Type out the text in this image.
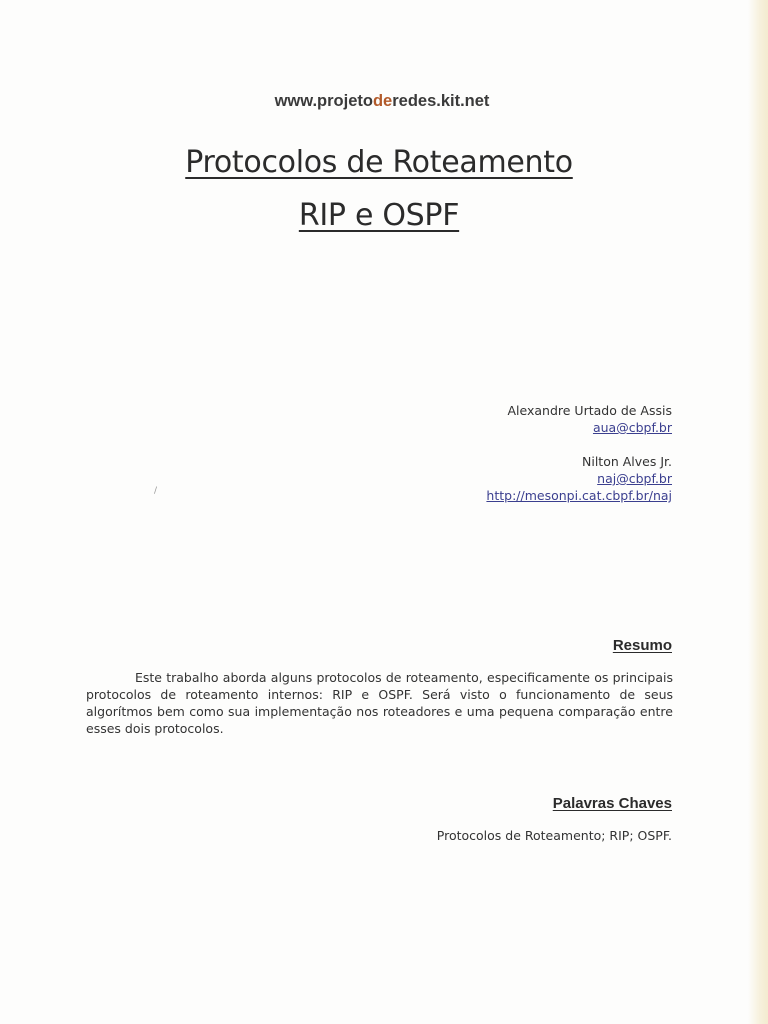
www.projetoderedes.kit.net
Protocolos de Roteamento
RIP e OSPF
Alexandre Urtado de Assis
aua@cbpf.br
Nilton Alves Jr.
naj@cbpf.br
http://mesonpi.cat.cbpf.br/naj
/
Resumo
Este trabalho aborda alguns protocolos de roteamento, especificamente os principais protocolos de roteamento internos: RIP e OSPF. Será visto o funcionamento de seus algorítmos bem como sua implementação nos roteadores e uma pequena comparação entre esses dois protocolos.
Palavras Chaves
Protocolos de Roteamento; RIP; OSPF.
